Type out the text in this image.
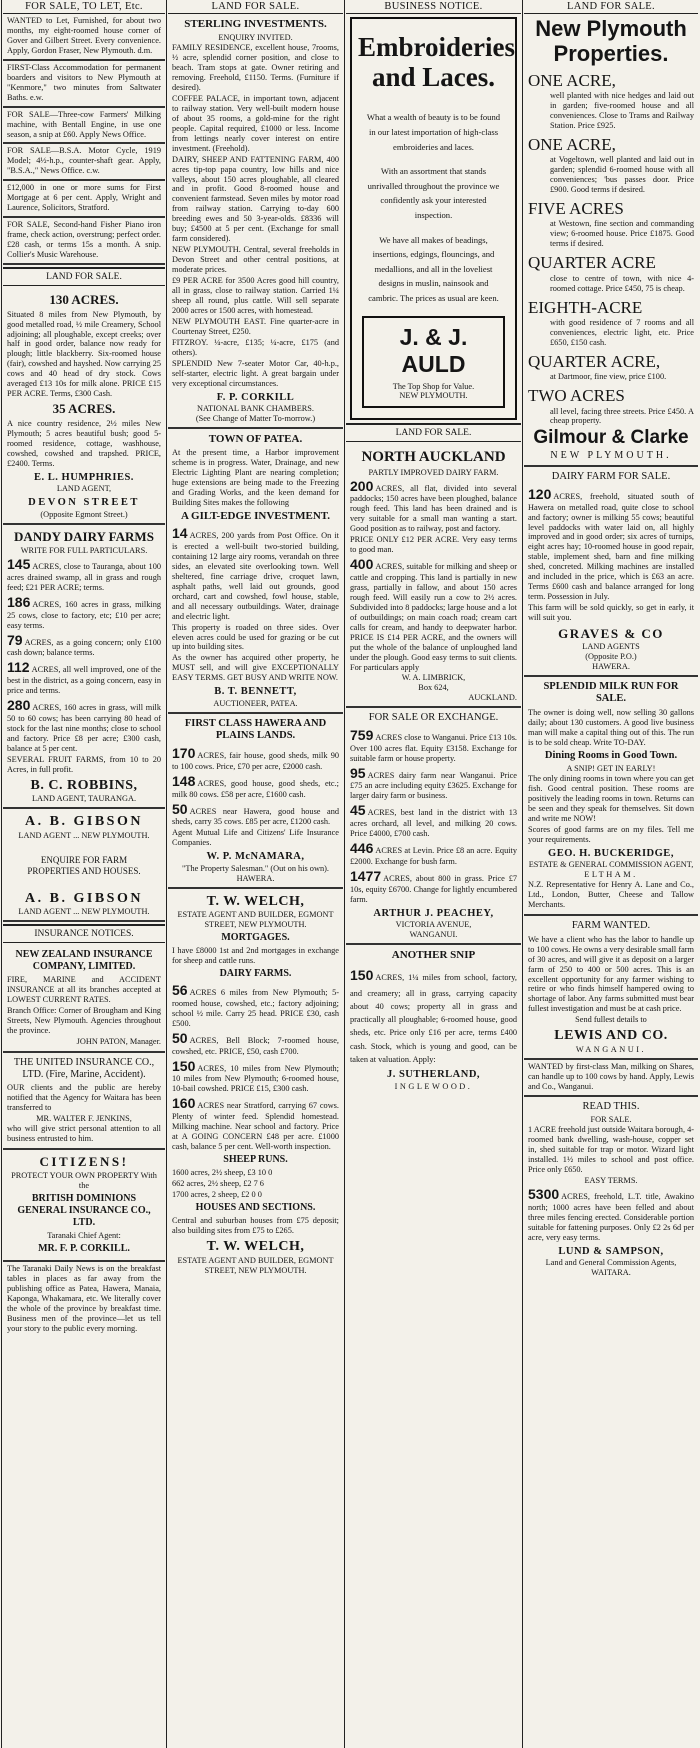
FOR SALE, TO LET, Etc.
WANTED to Let, Furnished, for about two months, my eight-roomed house corner of Gover and Gilbert Street. Every convenience. Apply, Gordon Fraser, New Plymouth. d.m.
FIRST-Class Accommodation for permanent boarders and visitors to New Plymouth at "Kenmore," two minutes from Saltwater Baths. e.w.
FOR SALE—Three-cow Farmers' Milking machine, with Bentall Engine, in use one season, a snip at £60. Apply News Office.
FOR SALE—B.S.A. Motor Cycle, 1919 Model; 4½-h.p., counter-shaft gear. Apply, "B.S.A.," News Office. c.w.
£12,000 in one or more sums for First Mortgage at 6 per cent. Apply, Wright and Laurence, Solicitors, Stratford.
FOR SALE, Second-hand Fisher Piano iron frame, check action, overstrung; perfect order. £28 cash, or terms 15s a month. A snip. Collier's Music Warehouse.
LAND FOR SALE.
130 ACRES.

Situated 8 miles from New Plymouth, by good metalled road, ½ mile Creamery, School adjoining; all ploughable, except creeks; over half in good order, balance now ready for plough; little blackberry. Six-roomed house (fair), cowshed and hayshed. Now carrying 25 cows and 40 head of dry stock. Cows averaged £13 10s for milk alone. PRICE £15 PER ACRE. Terms, £300 Cash.

35 ACRES.

A nice country residence, 2½ miles New Plymouth; 5 acres beautiful bush; good 5-roomed residence, cottage, washhouse, cowshed, cowshed and trapshed. PRICE, £2400. Terms.

E. L. HUMPHRIES.
LAND AGENT,
DEVON STREET
(Opposite Egmont Street.)
DANDY DAIRY FARMS
WRITE FOR FULL PARTICULARS.

145 ACRES, close to Tauranga, about 100 acres drained swamp, all in grass and rough feed; £21 PER ACRE; terms.

186 ACRES, 160 acres in grass, milking 25 cows, close to factory, etc; £10 per acre; easy terms.

79 ACRES, as a going concern; only £100 cash down; balance terms.

112 ACRES, all well improved, one of the best in the district, as a going concern, easy in price and terms.

280 ACRES, 160 acres in grass, will milk 50 to 60 cows; has been carrying 80 head of stock for the last nine months; close to school and factory. Price £8 per acre; £300 cash, balance at 5 per cent.

SEVERAL FRUIT FARMS, from 10 to 20 Acres, in full profit.

B. C. ROBBINS,
LAND AGENT, TAURANGA.
A. B. GIBSON
LAND AGENT ... NEW PLYMOUTH.
ENQUIRE FOR FARM PROPERTIES AND HOUSES.
A. B. GIBSON
LAND AGENT ... NEW PLYMOUTH.
INSURANCE NOTICES.
NEW ZEALAND INSURANCE COMPANY, LIMITED.

FIRE, MARINE and ACCIDENT INSURANCE at all its branches accepted at LOWEST CURRENT RATES.

Branch Office: Corner of Brougham and King Streets, New Plymouth. Agencies throughout the province.

JOHN PATON, Manager.

THE UNITED INSURANCE CO., LTD. (Fire, Marine, Accident).

OUR clients and the public are hereby notified that the Agency for Waitara has been transferred to

MR. WALTER F. JENKINS,

who will give strict personal attention to all business entrusted to him.

CITIZENS!
PROTECT YOUR OWN PROPERTY With the
BRITISH DOMINIONS GENERAL INSURANCE CO., LTD.
Taranaki Chief Agent:
MR. F. P. CORKILL.
The Taranaki Daily News is on the breakfast tables in places as far away from the publishing office as Patea, Hawera, Manaia, Kaponga, Whakamara, etc. We literally cover the whole of the province by breakfast time. Business men of the province—let us tell your story to the public every morning.
LAND FOR SALE.
STERLING INVESTMENTS.
ENQUIRY INVITED.

FAMILY RESIDENCE, excellent house, 7rooms, ½ acre, splendid corner position, and close to beach. Tram stops at gate. Owner retiring and removing. Freehold, £1150. Terms. (Furniture if desired).

COFFEE PALACE, in important town, adjacent to railway station. Very well-built modern house of about 35 rooms, a gold-mine for the right people. Capital required, £1000 or less. Income from lettings nearly cover interest on entire investment. (Freehold).

DAIRY, SHEEP AND FATTENING FARM, 400 acres tip-top papa country, low hills and nice valleys, about 150 acres ploughable, all cleared and in profit. Good 8-roomed house and convenient farmstead. Seven miles by motor road from railway station. Carrying to-day 600 breeding ewes and 50 3-year-olds. £8336 will buy; £4500 at 5 per cent. (Exchange for small farm considered).

NEW PLYMOUTH. Central, several freeholds in Devon Street and other central positions, at moderate prices.

£9 PER ACRE for 3500 Acres good hill country, all in grass, close to railway station. Carried 1¼ sheep all round, plus cattle. Will sell separate 2000 acres or 1500 acres, with homestead.

NEW PLYMOUTH EAST. Fine quarter-acre in Courtenay Street, £250.

FITZROY. ¼-acre, £135; ¼-acre, £175 (and others).

SPLENDID New 7-seater Motor Car, 40-h.p., self-starter, electric light. A great bargain under very exceptional circumstances.

F. P. CORKILL
NATIONAL BANK CHAMBERS.
(See Change of Matter To-morrow.)
TOWN OF PATEA.

At the present time, a Harbor improvement scheme is in progress. Water, Drainage, and new Electric Lighting Plant are nearing completion; huge extensions are being made to the Freezing and Grading Works, and the keen demand for Building Sites makes the following

A GILT-EDGE INVESTMENT.

14 ACRES, 200 yards from Post Office. On it is erected a well-built two-storied building, containing 12 large airy rooms, verandah on three sides, an elevated site overlooking town. Well sheltered, fine carriage drive, croquet lawn, asphalt paths, well laid out grounds, good orchard, cart and cowshed, fowl house, stable, and all necessary outbuildings. Water, drainage and electric light.

This property is roaded on three sides. Over eleven acres could be used for grazing or be cut up into building sites.

As the owner has acquired other property, he MUST sell, and will give EXCEPTIONALLY EASY TERMS. GET BUSY AND WRITE NOW.

B. T. BENNETT,
AUCTIONEER, PATEA.
FIRST CLASS HAWERA AND PLAINS LANDS.

170 ACRES, fair house, good sheds, milk 90 to 100 cows. Price, £70 per acre, £2000 cash.

148 ACRES, good house, good sheds, etc.; milk 80 cows. £58 per acre, £1600 cash.

50 ACRES near Hawera, good house and sheds, carry 35 cows. £85 per acre, £1200 cash.

Agent Mutual Life and Citizens' Life Insurance Companies.

W. P. McNAMARA,
"The Property Salesman." (Out on his own).
HAWERA.
T. W. WELCH,
ESTATE AGENT AND BUILDER, EGMONT STREET, NEW PLYMOUTH.
MORTGAGES.

I have £8000 1st and 2nd mortgages in exchange for sheep and cattle runs.

DAIRY FARMS.

56 ACRES 6 miles from New Plymouth; 5-roomed house, cowshed, etc.; factory adjoining; school ½ mile. Carry 25 head. PRICE £30, cash £500.

50 ACRES, Bell Block; 7-roomed house, cowshed, etc. PRICE, £50, cash £700.

150 ACRES, 10 miles from New Plymouth; 10 miles from New Plymouth; 6-roomed house, 10-bail cowshed. PRICE £15, £300 cash.

160 ACRES near Stratford, carrying 67 cows. Plenty of winter feed. Splendid homestead. Milking machine. Near school and factory. Price at A GOING CONCERN £48 per acre. £1000 cash, balance 5 per cent. Well-worth inspection.

SHEEP RUNS.

1600 acres, 2½ sheep, £3 10 0

662 acres, 2½ sheep, £2 7 6

1700 acres, 2 sheep, £2 0 0

HOUSES AND SECTIONS.

Central and suburban houses from £75 deposit; also building sites from £75 to £265.

T. W. WELCH,
ESTATE AGENT AND BUILDER, EGMONT STREET, NEW PLYMOUTH.
BUSINESS NOTICE.
Embroideries and Laces.

What a wealth of beauty is to be found in our latest importation of high-class embroideries and laces.

With an assortment that stands unrivalled throughout the province we confidently ask your interested inspection.

We have all makes of beadings, insertions, edgings, flouncings, and medallions, and all in the loveliest designs in muslin, nainsook and cambric. The prices as usual are keen.

J. & J. AULD
The Top Shop for Value.
NEW PLYMOUTH.
LAND FOR SALE.
NORTH AUCKLAND
PARTLY IMPROVED DAIRY FARM.

200 ACRES, all flat, divided into several paddocks; 150 acres have been ploughed, balance rough feed. This land has been drained and is very suitable for a small man wanting a start. Good position as to railway, post and factory.

PRICE ONLY £12 PER ACRE. Very easy terms to good man.

400 ACRES, suitable for milking and sheep or cattle and cropping. This land is partially in new grass, partially in fallow, and about 150 acres rough feed. Will easily run a cow to 2½ acres. Subdivided into 8 paddocks; large house and a lot of outbuildings; on main coach road; cream cart calls for cream, and handy to deepwater harbor. PRICE IS £14 PER ACRE, and the owners will put the whole of the balance of unploughed land under the plough. Good easy terms to suit clients. For particulars apply

W. A. LIMBRICK,
Box 624,
AUCKLAND.
FOR SALE OR EXCHANGE.

759 ACRES close to Wanganui. Price £13 10s. Over 100 acres flat. Equity £3158. Exchange for suitable farm or house property.

95 ACRES dairy farm near Wanganui. Price £75 an acre including equity £3625. Exchange for larger dairy farm or business.

45 ACRES, best land in the district with 13 acres orchard, all level, and milking 20 cows. Price £4000, £700 cash.

446 ACRES at Levin. Price £8 an acre. Equity £2000. Exchange for bush farm.

1477 ACRES, about 800 in grass. Price £7 10s, equity £6700. Change for lightly encumbered farm.

ARTHUR J. PEACHEY,
VICTORIA AVENUE,
WANGANUI.
ANOTHER SNIP

150 ACRES, 1¼ miles from school, factory, and creamery; all in grass, carrying capacity about 40 cows; property all in grass and practically all ploughable; 6-roomed house, good sheds, etc. Price only £16 per acre, terms £400 cash. Stock, which is young and good, can be taken at valuation. Apply:

J. SUTHERLAND,
INGLEWOOD.
LAND FOR SALE.
New Plymouth Properties.
ONE ACRE,

well planted with nice hedges and laid out in garden; five-roomed house and all conveniences. Close to Trams and Railway Station. Price £925.

ONE ACRE,

at Vogeltown, well planted and laid out in garden; splendid 6-roomed house with all conveniences; 'bus passes door. Price £900. Good terms if desired.

FIVE ACRES

at Westown, fine section and commanding view; 6-roomed house. Price £1875. Good terms if desired.

QUARTER ACRE

close to centre of town, with nice 4-roomed cottage. Price £450, 75 is cheap.

EIGHTH-ACRE

with good residence of 7 rooms and all conveniences, electric light, etc. Price £650, £150 cash.

QUARTER ACRE,

at Dartmoor, fine view, price £100.

TWO ACRES

all level, facing three streets. Price £450. A cheap property.

Gilmour & Clarke
NEW PLYMOUTH.
DAIRY FARM FOR SALE.

120 ACRES, freehold, situated south of Hawera on metalled road, quite close to school and factory; owner is milking 55 cows; beautiful level paddocks with water laid on, all highly improved and in good order; six acres of turnips, eight acres hay; 10-roomed house in good repair, stable, implement shed, barn and fine milking shed, concreted. Milking machines are installed and included in the price, which is £63 an acre. Terms £600 cash and balance arranged for long term. Possession in July.

This farm will be sold quickly, so get in early, it will suit you.

GRAVES & CO
LAND AGENTS
(Opposite P.O.)
HAWERA.
SPLENDID MILK RUN FOR SALE.

The owner is doing well, now selling 30 gallons daily; about 130 customers. A good live business man will make a capital thing out of this. The run is to be sold cheap. Write TO-DAY.

Dining Rooms in Good Town.
A SNIP! GET IN EARLY!

The only dining rooms in town where you can get fish. Good central position. These rooms are positively the leading rooms in town. Returns can be seen and they speak for themselves. Sit down and write me NOW!

Scores of good farms are on my files. Tell me your requirements.

GEO. H. BUCKERIDGE,
ESTATE & GENERAL COMMISSION AGENT,
ELTHAM.

N.Z. Representative for Henry A. Lane and Co., Ltd., London, Butter, Cheese and Tallow Merchants.

FARM WANTED.

We have a client who has the labor to handle up to 100 cows. He owns a very desirable small farm of 30 acres, and will give it as deposit on a larger farm of 250 to 400 or 500 acres. This is an excellent opportunity for any farmer wishing to retire or who finds himself hampered owing to shortage of labor. Any farms submitted must bear fullest investigation and must be at cash price.

Send fullest details to
LEWIS AND CO.
WANGANUI.
WANTED by first-class Man, milking on Shares, can handle up to 100 cows by hand. Apply, Lewis and Co., Wanganui.
READ THIS.
FOR SALE.

1 ACRE freehold just outside Waitara borough, 4-roomed bank dwelling, wash-house, copper set in, shed suitable for trap or motor. Wizard light installed. 1½ miles to school and post office. Price only £650.

EASY TERMS.

5300 ACRES, freehold, L.T. title, Awakino north; 1000 acres have been felled and about three miles fencing erected. Considerable portion suitable for fattening purposes. Only £2 2s 6d per acre, very easy terms.

LUND & SAMPSON,
Land and General Commission Agents,
WAITARA.
